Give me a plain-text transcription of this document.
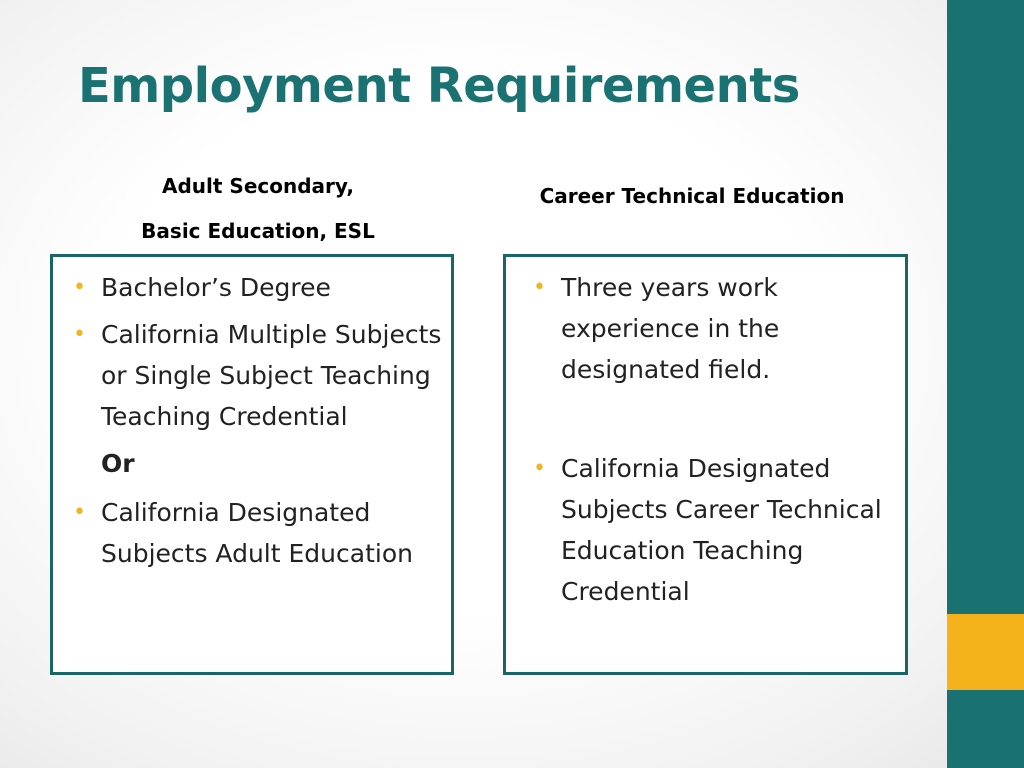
Employment Requirements
Adult Secondary,
Basic Education, ESL
Career Technical Education
• Bachelor’s Degree
• California Multiple Subjects or Single Subject Teaching Teaching Credential
Or
• California Designated Subjects Adult Education
• Three years work experience in the designated field.
• California Designated Subjects Career Technical Education Teaching Credential
